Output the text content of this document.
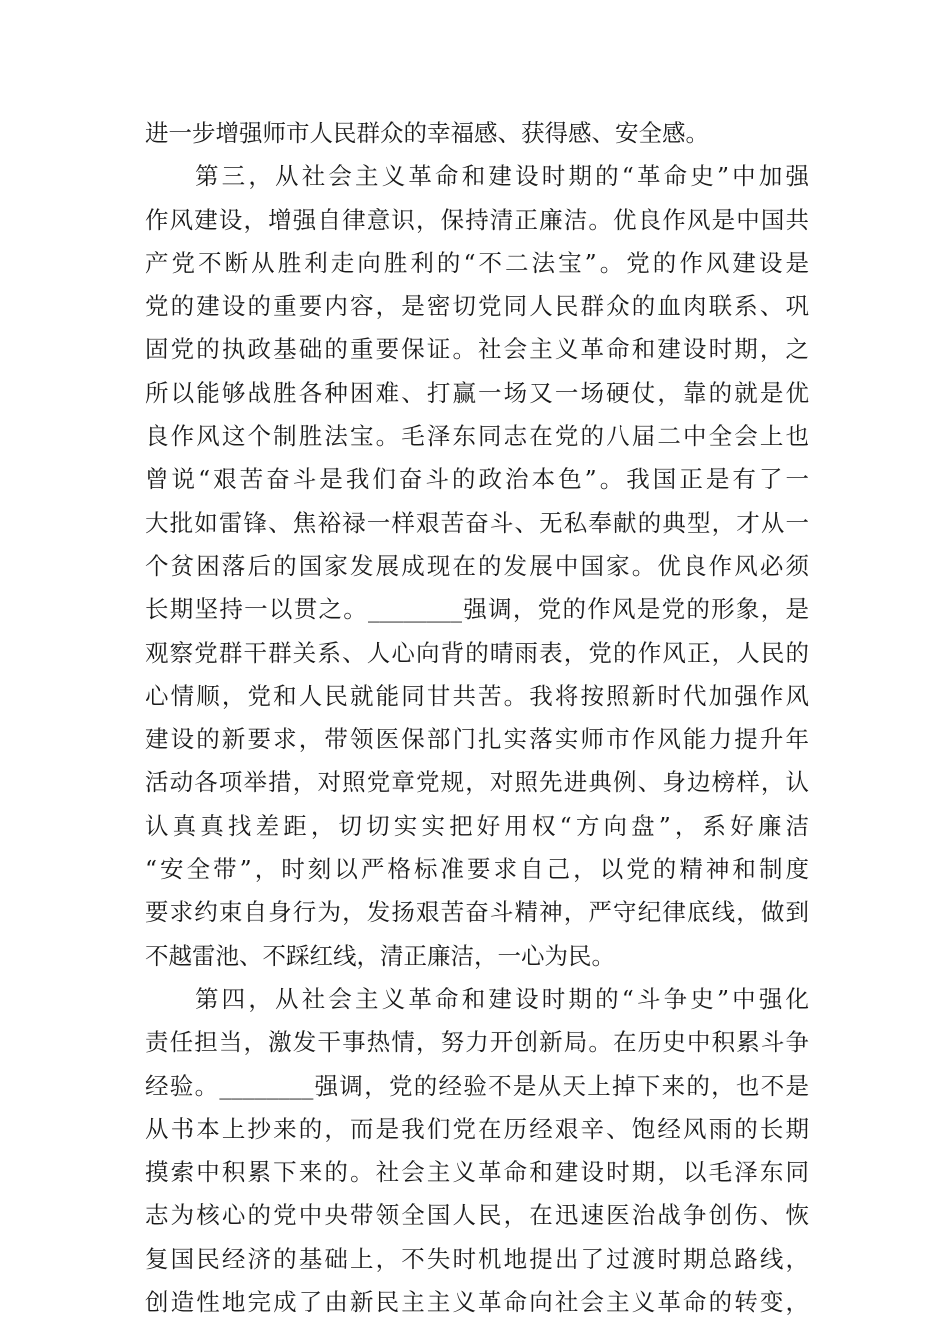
进一步增强师市人民群众的幸福感、获得感、安全感。
第三，从社会主义革命和建设时期的“革命史”中加强
作风建设，增强自律意识，保持清正廉洁。优良作风是中国共
产党不断从胜利走向胜利的“不二法宝”。党的作风建设是
党的建设的重要内容，是密切党同人民群众的血肉联系、巩
固党的执政基础的重要保证。社会主义革命和建设时期，之
所以能够战胜各种困难、打赢一场又一场硬仗，靠的就是优
良作风这个制胜法宝。毛泽东同志在党的八届二中全会上也
曾说“艰苦奋斗是我们奋斗的政治本色”。我国正是有了一
大批如雷锋、焦裕禄一样艰苦奋斗、无私奉献的典型，才从一
个贫困落后的国家发展成现在的发展中国家。优良作风必须
长期坚持一以贯之。________强调，党的作风是党的形象，是
观察党群干群关系、人心向背的晴雨表，党的作风正，人民的
心情顺，党和人民就能同甘共苦。我将按照新时代加强作风
建设的新要求，带领医保部门扎实落实师市作风能力提升年
活动各项举措，对照党章党规，对照先进典例、身边榜样，认
认真真找差距，切切实实把好用权“方向盘”，系好廉洁
“安全带”，时刻以严格标准要求自己，以党的精神和制度
要求约束自身行为，发扬艰苦奋斗精神，严守纪律底线，做到
不越雷池、不踩红线，清正廉洁，一心为民。
第四，从社会主义革命和建设时期的“斗争史”中强化
责任担当，激发干事热情，努力开创新局。在历史中积累斗争
经验。________强调，党的经验不是从天上掉下来的，也不是
从书本上抄来的，而是我们党在历经艰辛、饱经风雨的长期
摸索中积累下来的。社会主义革命和建设时期，以毛泽东同
志为核心的党中央带领全国人民，在迅速医治战争创伤、恢
复国民经济的基础上，不失时机地提出了过渡时期总路线，
创造性地完成了由新民主主义革命向社会主义革命的转变，
